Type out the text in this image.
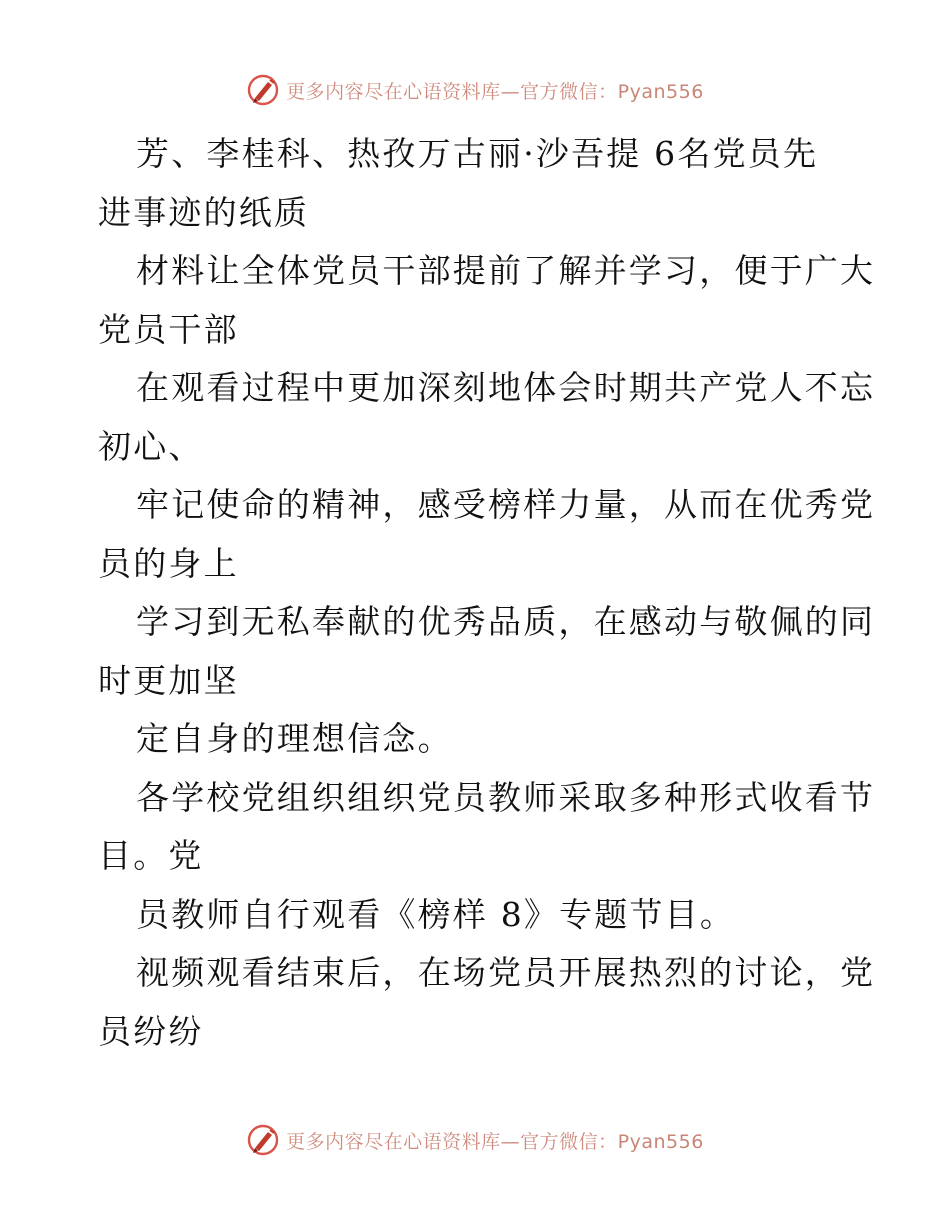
更多内容尽在心语资料库—官方微信：Pyan556

芳、李桂科、热孜万古丽·沙吾提 6名党员先
进事迹的纸质

材料让全体党员干部提前了解并学习，便于广大
党员干部

在观看过程中更加深刻地体会时期共产党人不忘
初心、

牢记使命的精神，感受榜样力量，从而在优秀党
员的身上

学习到无私奉献的优秀品质，在感动与敬佩的同
时更加坚

定自身的理想信念。

各学校党组织组织党员教师采取多种形式收看节
目。党

员教师自行观看《榜样 8》专题节目。

视频观看结束后，在场党员开展热烈的讨论，党
员纷纷

更多内容尽在心语资料库—官方微信：Pyan556
